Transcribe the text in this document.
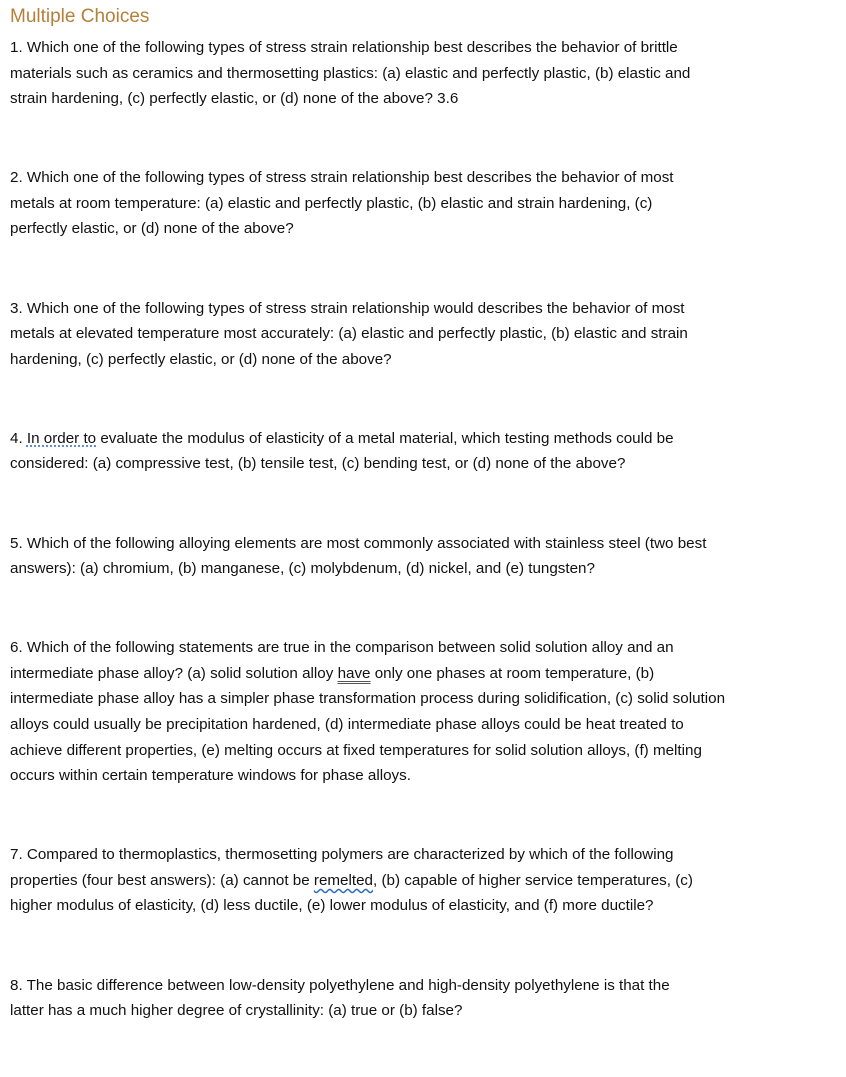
Multiple Choices
1. Which one of the following types of stress strain relationship best describes the behavior of brittle
materials such as ceramics and thermosetting plastics: (a) elastic and perfectly plastic, (b) elastic and
strain hardening, (c) perfectly elastic, or (d) none of the above? 3.6
2. Which one of the following types of stress strain relationship best describes the behavior of most
metals at room temperature: (a) elastic and perfectly plastic, (b) elastic and strain hardening, (c)
perfectly elastic, or (d) none of the above?
3. Which one of the following types of stress strain relationship would describes the behavior of most
metals at elevated temperature most accurately: (a) elastic and perfectly plastic, (b) elastic and strain
hardening, (c) perfectly elastic, or (d) none of the above?
4. In order to evaluate the modulus of elasticity of a metal material, which testing methods could be
considered: (a) compressive test, (b) tensile test, (c) bending test, or (d) none of the above?
5. Which of the following alloying elements are most commonly associated with stainless steel (two best
answers): (a) chromium, (b) manganese, (c) molybdenum, (d) nickel, and (e) tungsten?
6. Which of the following statements are true in the comparison between solid solution alloy and an
intermediate phase alloy? (a) solid solution alloy have only one phases at room temperature, (b)
intermediate phase alloy has a simpler phase transformation process during solidification, (c) solid solution
alloys could usually be precipitation hardened, (d) intermediate phase alloys could be heat treated to
achieve different properties, (e) melting occurs at fixed temperatures for solid solution alloys, (f) melting
occurs within certain temperature windows for phase alloys.
7. Compared to thermoplastics, thermosetting polymers are characterized by which of the following
properties (four best answers): (a) cannot be remelted, (b) capable of higher service temperatures, (c)
higher modulus of elasticity, (d) less ductile, (e) lower modulus of elasticity, and (f) more ductile?
8. The basic difference between low-density polyethylene and high-density polyethylene is that the
latter has a much higher degree of crystallinity: (a) true or (b) false?
